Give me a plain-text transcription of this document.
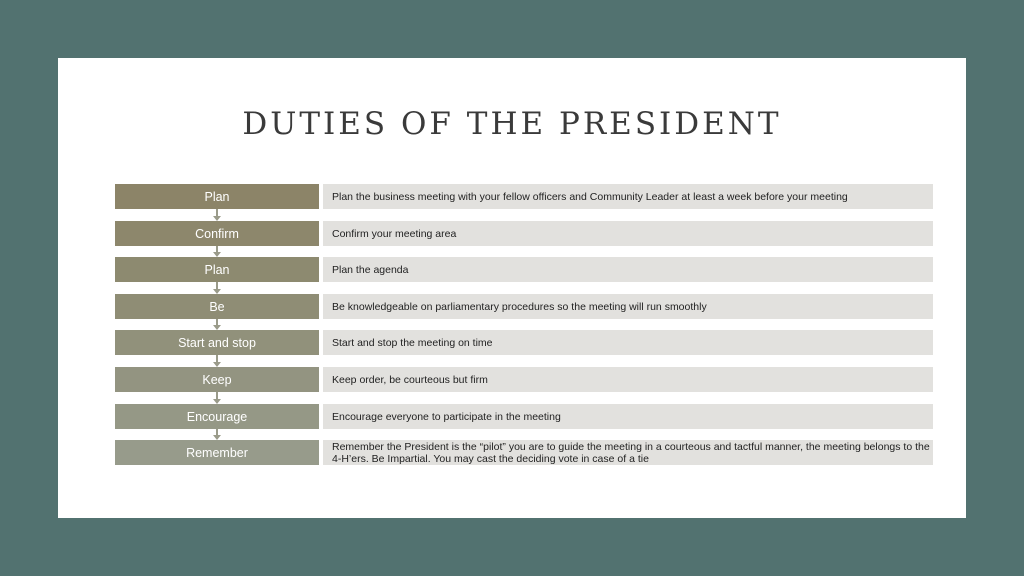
DUTIES OF THE PRESIDENT
Plan	Plan the business meeting with your fellow officers and Community Leader at least a week before your meeting
Confirm	Confirm your meeting area
Plan	Plan the agenda
Be	Be knowledgeable on parliamentary procedures so the meeting will run smoothly
Start and stop	Start and stop the meeting on time
Keep	Keep order, be courteous but firm
Encourage	Encourage everyone to participate in the meeting
Remember	Remember the President is the “pilot” you are to guide the meeting in a courteous and tactful manner, the meeting belongs to the 4-H’ers. Be Impartial. You may cast the deciding vote in case of a tie
